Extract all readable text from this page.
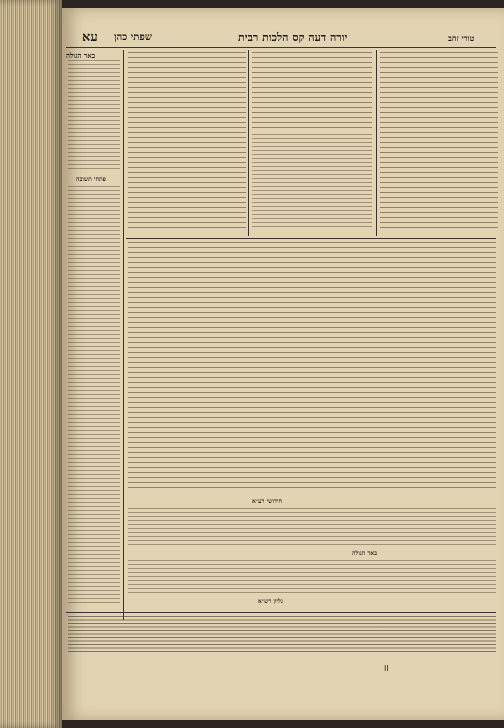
שפתי כהן
עא
באר הגולה
יורה דעה קס הלכות רבית	טורי זהב
פתחי תשובה
חידושי רע״א
באר הגולה
גליון רש״א
II
